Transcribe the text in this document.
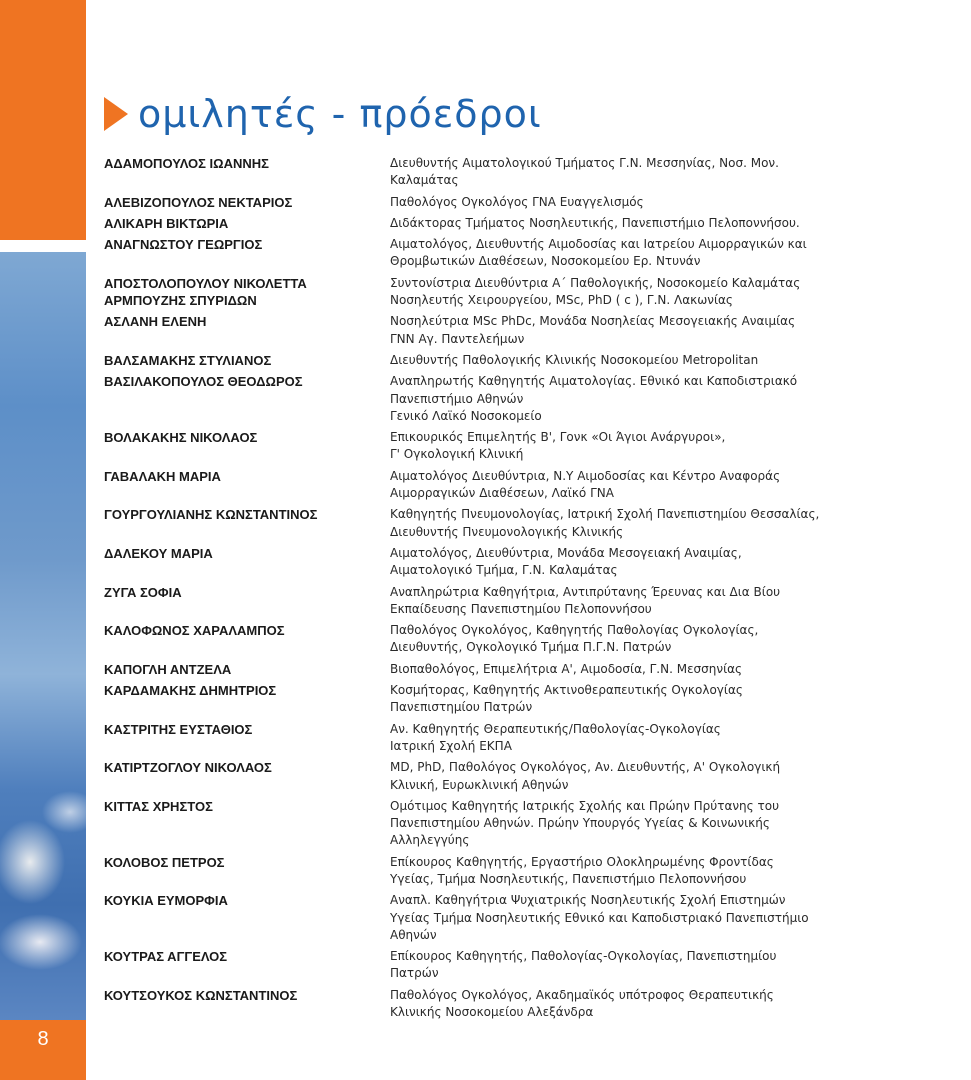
8
ομιλητές - πρόεδροι
ΑΔΑΜΟΠΟΥΛΟΣ ΙΩΑΝΝΗΣ	Διευθυντής Αιματολογικού Τμήματος Γ.Ν. Μεσσηνίας, Νοσ. Μον.
Καλαμάτας
ΑΛΕΒΙΖΟΠΟΥΛΟΣ ΝΕΚΤΑΡΙΟΣ	Παθολόγος Ογκολόγος ΓΝΑ Ευαγγελισμός
ΑΛΙΚΑΡΗ ΒΙΚΤΩΡΙΑ	Διδάκτορας Τμήματος Νοσηλευτικής, Πανεπιστήμιο Πελοποννήσου.
ΑΝΑΓΝΩΣΤΟΥ ΓΕΩΡΓΙΟΣ	Αιματολόγος, Διευθυντής Αιμοδοσίας και Ιατρείου Αιμορραγικών και
Θρομβωτικών Διαθέσεων, Νοσοκομείου Ερ. Ντυνάν
ΑΠΟΣΤΟΛΟΠΟΥΛΟΥ ΝΙΚΟΛΕΤΤΑ	Συντονίστρια Διευθύντρια Α΄ Παθολογικής, Νοσοκομείο Καλαμάτας
ΑΡΜΠΟΥΖΗΣ ΣΠΥΡΙΔΩΝ	Νοσηλευτής Χειρουργείου, MSc, PhD ( c ), Γ.Ν. Λακωνίας
ΑΣΛΑΝΗ ΕΛΕΝΗ	Νοσηλεύτρια MSc PhDc, Μονάδα Νοσηλείας Μεσογειακής Αναιμίας
ΓΝΝ Αγ. Παντελεήμων
ΒΑΛΣΑΜΑΚΗΣ ΣΤΥΛΙΑΝΟΣ	Διευθυντής Παθολογικής Κλινικής Νοσοκομείου Metropolitan
ΒΑΣΙΛΑΚΟΠΟΥΛΟΣ ΘΕΟΔΩΡΟΣ	Αναπληρωτής Καθηγητής Αιματολογίας. Εθνικό και Καποδιστριακό
Πανεπιστήμιο Αθηνών
Γενικό Λαϊκό Νοσοκομείο
ΒΟΛΑΚΑΚΗΣ ΝΙΚΟΛΑΟΣ	Επικουρικός Επιμελητής Β', Γονκ «Οι Άγιοι Ανάργυροι»,
Γ' Ογκολογική Κλινική
ΓΑΒΑΛΑΚΗ ΜΑΡΙΑ	Αιματολόγος Διευθύντρια, Ν.Υ Αιμοδοσίας και Κέντρο Αναφοράς
Αιμορραγικών Διαθέσεων, Λαϊκό ΓΝΑ
ΓΟΥΡΓΟΥΛΙΑΝΗΣ ΚΩΝΣΤΑΝΤΙΝΟΣ	Καθηγητής Πνευμονολογίας, Ιατρική Σχολή Πανεπιστημίου Θεσσαλίας,
Διευθυντής Πνευμονολογικής Κλινικής
ΔΑΛΕΚΟΥ ΜΑΡΙΑ	Αιματολόγος, Διευθύντρια, Μονάδα Μεσογειακή Αναιμίας,
Αιματολογικό Τμήμα, Γ.Ν. Καλαμάτας
ΖΥΓΑ ΣΟΦΙΑ	Αναπληρώτρια Καθηγήτρια, Αντιπρύτανης Έρευνας και Δια Βίου
Εκπαίδευσης Πανεπιστημίου Πελοποννήσου
ΚΑΛΟΦΩΝΟΣ ΧΑΡΑΛΑΜΠΟΣ	Παθολόγος Ογκολόγος, Καθηγητής Παθολογίας Ογκολογίας,
Διευθυντής, Ογκολογικό Τμήμα Π.Γ.Ν. Πατρών
ΚΑΠΟΓΛΗ ΑΝΤΖΕΛΑ	Βιοπαθολόγος, Επιμελήτρια Α', Αιμοδοσία, Γ.Ν. Μεσσηνίας
ΚΑΡΔΑΜΑΚΗΣ ΔΗΜΗΤΡΙΟΣ	Κοσμήτορας, Καθηγητής Ακτινοθεραπευτικής Ογκολογίας
Πανεπιστημίου Πατρών
ΚΑΣΤΡΙΤΗΣ ΕΥΣΤΑΘΙΟΣ	Αν. Καθηγητής Θεραπευτικής/Παθολογίας-Ογκολογίας
Ιατρική Σχολή ΕΚΠΑ
ΚΑΤΙΡΤΖΟΓΛΟΥ ΝΙΚΟΛΑΟΣ	MD, PhD, Παθολόγος Ογκολόγος, Αν. Διευθυντής, Α' Ογκολογική
Κλινική, Ευρωκλινική Αθηνών
ΚΙΤΤΑΣ ΧΡΗΣΤΟΣ	Ομότιμος Καθηγητής Ιατρικής Σχολής και Πρώην Πρύτανης του
Πανεπιστημίου Αθηνών. Πρώην Υπουργός Υγείας & Κοινωνικής
Αλληλεγγύης
ΚΟΛΟΒΟΣ ΠΕΤΡΟΣ	Επίκουρος Καθηγητής, Εργαστήριο Ολοκληρωμένης Φροντίδας
Υγείας, Τμήμα Νοσηλευτικής, Πανεπιστήμιο Πελοποννήσου
ΚΟΥΚΙΑ ΕΥΜΟΡΦΙΑ	Αναπλ. Καθηγήτρια Ψυχιατρικής Νοσηλευτικής Σχολή Επιστημών
Υγείας Τμήμα Νοσηλευτικής Εθνικό και Καποδιστριακό Πανεπιστήμιο
Αθηνών
ΚΟΥΤΡΑΣ ΑΓΓΕΛΟΣ	Επίκουρος Καθηγητής, Παθολογίας-Ογκολογίας, Πανεπιστημίου
Πατρών
ΚΟΥΤΣΟΥΚΟΣ ΚΩΝΣΤΑΝΤΙΝΟΣ	Παθολόγος Ογκολόγος, Ακαδημαϊκός υπότροφος Θεραπευτικής
Κλινικής Νοσοκομείου Αλεξάνδρα
